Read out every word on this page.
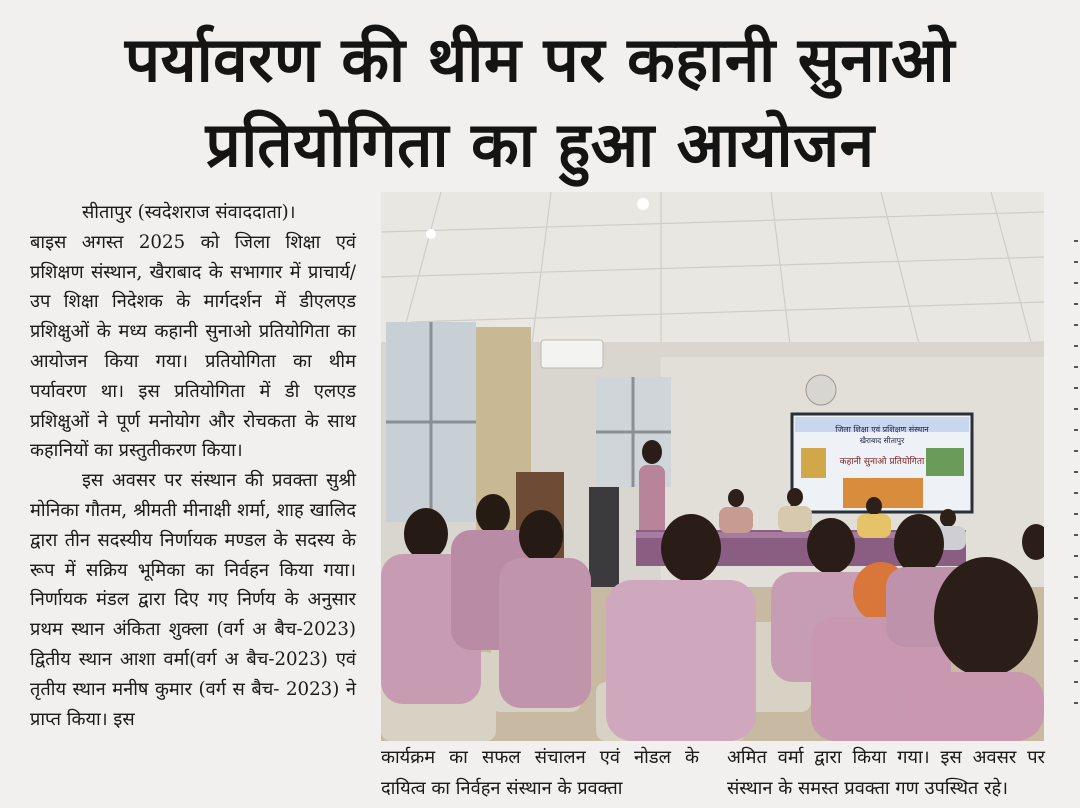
पर्यावरण की थीम पर कहानी सुनाओ
प्रतियोगिता का हुआ आयोजन

सीतापुर (स्वदेशराज संवाददाता)।

बाइस अगस्त 2025 को जिला शिक्षा एवं प्रशिक्षण संस्थान, खैराबाद के सभागार में प्राचार्य/ उप शिक्षा निदेशक के मार्गदर्शन में डीएलएड प्रशिक्षुओं के मध्य कहानी सुनाओ प्रतियोगिता का आयोजन किया गया। प्रतियोगिता का थीम पर्यावरण था। इस प्रतियोगिता में डी एलएड प्रशिक्षुओं ने पूर्ण मनोयोग और रोचकता के साथ कहानियों का प्रस्तुतीकरण किया।

इस अवसर पर संस्थान की प्रवक्ता सुश्री मोनिका गौतम, श्रीमती मीनाक्षी शर्मा, शाह खालिद द्वारा तीन सदस्यीय निर्णायक मण्डल के सदस्य के रूप में सक्रिय भूमिका का निर्वहन किया गया। निर्णायक मंडल द्वारा दिए गए निर्णय के अनुसार प्रथम स्थान अंकिता शुक्ला (वर्ग अ बैच-2023) द्वितीय स्थान आशा वर्मा(वर्ग अ बैच-2023) एवं तृतीय स्थान मनीष कुमार (वर्ग स बैच- 2023) ने प्राप्त किया। इस

जिला शिक्षा एवं प्रशिक्षण संस्थान
खैराबाद सीतापुर
कहानी सुनाओ प्रतियोगिता

कार्यक्रम का सफल संचालन एवं नोडल के दायित्व का निर्वहन संस्थान के प्रवक्ता

अमित वर्मा द्वारा किया गया। इस अवसर पर संस्थान के समस्त प्रवक्ता गण उपस्थित रहे।
